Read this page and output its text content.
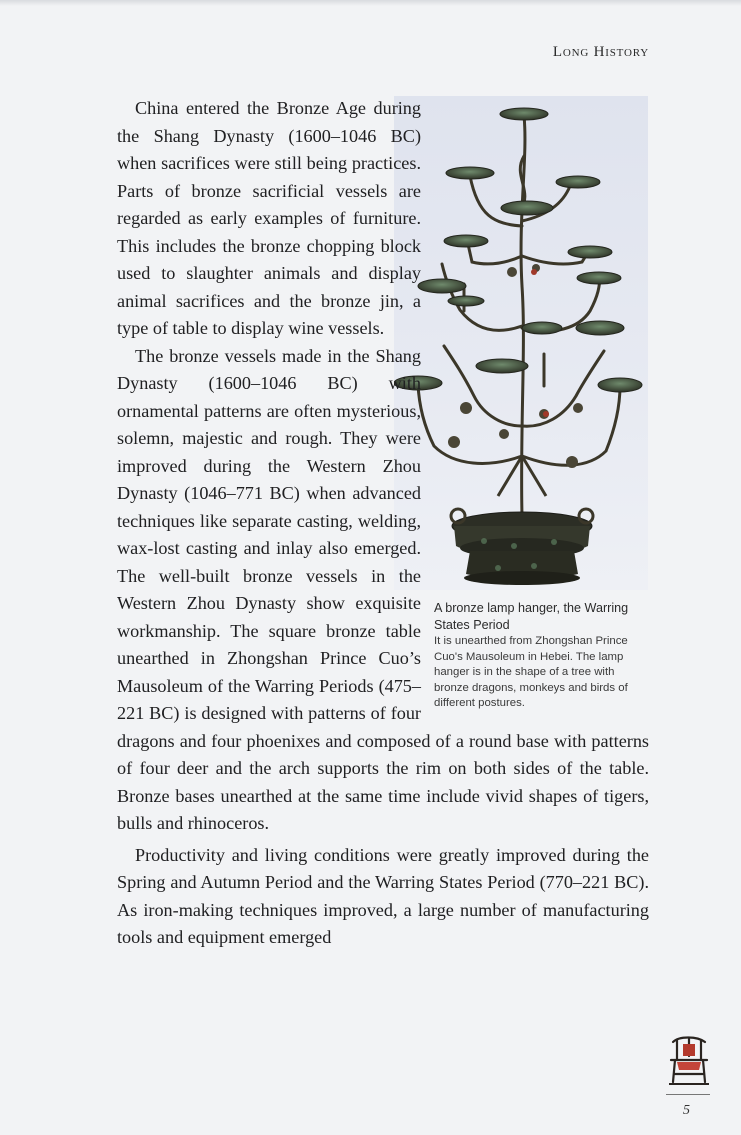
Long History

China entered the Bronze Age during the Shang Dynasty (1600–1046 BC) when sacrifices were still being practices. Parts of bronze sacrificial vessels are regarded as early examples of furniture. This includes the bronze chopping block used to slaughter animals and display animal sacrifices and the bronze jin, a type of table to display wine vessels.

The bronze vessels made in the Shang Dynasty (1600–1046 BC) with ornamental patterns are often mysterious, solemn, majestic and rough. They were improved during the Western Zhou Dynasty (1046–771 BC) when advanced techniques like separate casting, welding, wax-lost casting and inlay also emerged. The well-built bronze vessels in the Western Zhou Dynasty show exquisite workmanship. The square bronze table unearthed in Zhongshan Prince Cuo’s Mausoleum of the Warring Periods (475–221 BC) is designed with patterns of four dragons and four phoenixes and composed of a round base with patterns of four deer and the arch supports the rim on both sides of the table. Bronze bases unearthed at the same time include vivid shapes of tigers, bulls and rhinoceros.

Productivity and living conditions were greatly improved during the Spring and Autumn Period and the Warring States Period (770–221 BC). As iron-making techniques improved, a large number of manufacturing tools and equipment emerged

A bronze lamp hanger, the Warring States Period
It is unearthed from Zhongshan Prince Cuo's Mausoleum in Hebei. The lamp hanger is in the shape of a tree with bronze dragons, monkeys and birds of different postures.
5
